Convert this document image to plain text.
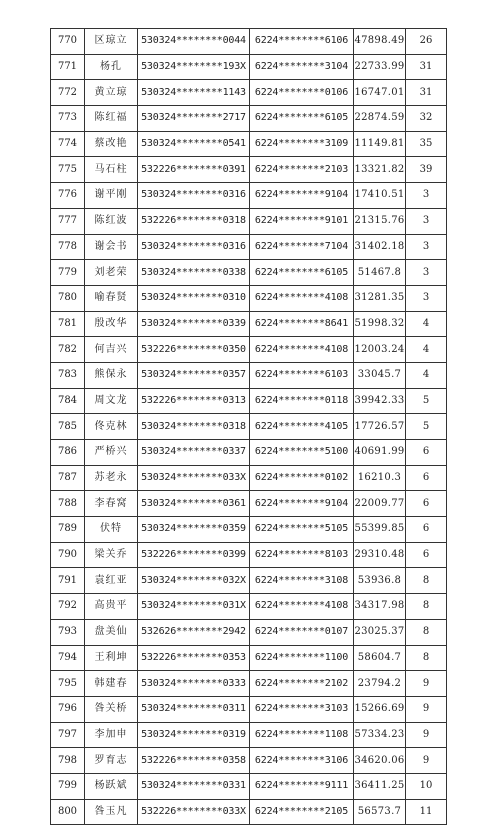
770	区琼立	530324********0044	6224********6106	47898.49	26
771	杨孔	530324********193X	6224********3104	22733.99	31
772	黄立琼	530324********1143	6224********0106	16747.01	31
773	陈红福	530324********2717	6224********6105	22874.59	32
774	蔡改艳	530324********0541	6224********3109	11149.81	35
775	马石柱	532226********0391	6224********2103	13321.82	39
776	谢平刚	530324********0316	6224********9104	17410.51	3
777	陈红波	532226********0318	6224********9101	21315.76	3
778	谢会书	530324********0316	6224********7104	31402.18	3
779	刘老荣	530324********0338	6224********6105	51467.8	3
780	喻春贤	530324********0310	6224********4108	31281.35	3
781	殷改华	530324********0339	6224********8641	51998.32	4
782	何吉兴	532226********0350	6224********4108	12003.24	4
783	熊保永	530324********0357	6224********6103	33045.7	4
784	周文龙	532226********0313	6224********0118	39942.33	5
785	佟克林	530324********0318	6224********4105	17726.57	5
786	严桥兴	530324********0337	6224********5100	40691.99	6
787	苏老永	530324********033X	6224********0102	16210.3	6
788	李春窝	530324********0361	6224********9104	22009.77	6
789	伏特	530324********0359	6224********5105	55399.85	6
790	梁关乔	532226********0399	6224********8103	29310.48	6
791	袁红亚	530324********032X	6224********3108	53936.8	8
792	高贵平	530324********031X	6224********4108	34317.98	8
793	盘美仙	532626********2942	6224********0107	23025.37	8
794	王利坤	532226********0353	6224********1100	58604.7	8
795	韩建春	530324********0333	6224********2102	23794.2	9
796	咎关桥	530324********0311	6224********3103	15266.69	9
797	李加申	530324********0319	6224********1108	57334.23	9
798	罗育志	532226********0358	6224********3106	34620.06	9
799	杨跃斌	530324********0331	6224********9111	36411.25	10
800	咎玉凡	532226********033X	6224********2105	56573.7	11
